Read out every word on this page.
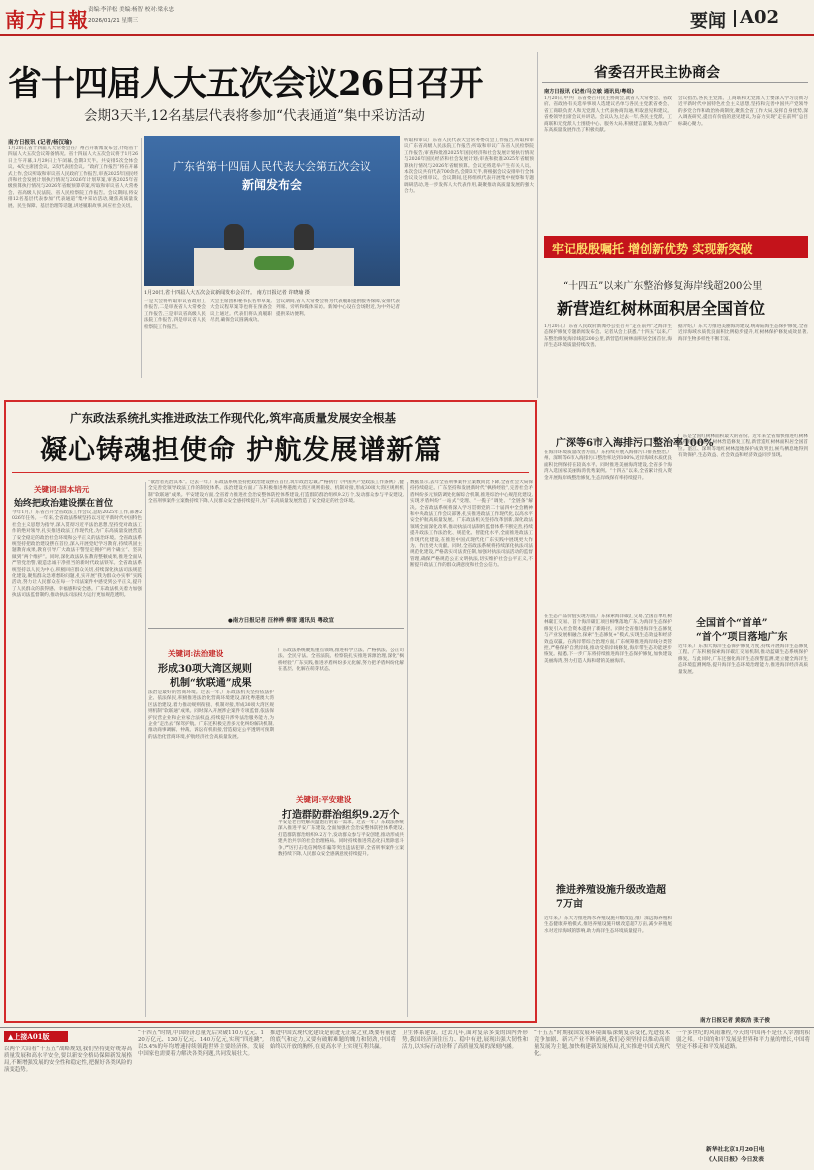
南方日報 责编:李洋松 美编:杨智 校对:梁永忠
2026/01/21 星期三	要闻 A02
省十四届人大五次会议26日召开
会期3天半,12名基层代表将参加“代表通道”集中采访活动
南方日报讯 (记者/杨汉瑜)
1月20日,省十四届人大常委会在广州召开新闻发布会,介绍省十四届人大五次会议筹备情况。省十四届人大五次会议将于1月26日上午开幕,1月29日上午闭幕,会期3天半。共安排5次全体会议、4次主席团会议、2次代表团会议。“政府工作报告”将在开幕式上作,会议听取和审议省人民政府工作报告,审查2025年国民经济和社会发展计划执行情况与2026年计划草案,审查2025年省级预算执行情况与2026年省级预算草案,听取和审议省人大常委会、省高级人民法院、省人民检察院工作报告。会议期间,将安排12名基层代表参加“代表通道”集中采访活动,聚焦高质量发展、民生保障、基层治理等话题,讲述履职故事,回应社会关切。
广东省第十四届人民代表大会第五次会议
新闻发布会
1月20日,省十四届人大五次会议新闻发布会召开。 南方日报记者 许晓瑜 摄
一是大会将听取审议省政府工作报告,二是审查省人大常委会工作报告,三是审议省高级人民法院工作报告,四是审议省人民检察院工作报告。
大会主席团和秘书长名单草案,大会议程草案等也将在预备会议上通过。代表们将认真履职尽责,确保会议圆满成功。
会议期间,省人大常委会将为代表履职提供服务保障,安排代表列席、旁听和媒体采访。新闻中心设在会场附近,为中外记者提供采访便利。
听取和审议广东省人民代表大会常务委员会工作报告,听取和审议广东省高级人民法院工作报告;听取和审议广东省人民检察院工作报告;审查和批准2025年国民经济和社会发展计划执行情况与2026年国民经济和社会发展计划;审查和批准2025年省级预算执行情况与2026年省级预算。会议还将选举产生有关人员。本次会议共有代表700余名,会期3天半,将根据会议安排举行全体会议及分组审议。会议期间,还将组织代表开展集中视察和专题调研活动,进一步发挥人大代表作用,凝聚推动高质量发展的强大合力。
省委召开民主协商会
南方日报讯 (记者/马立敏 通讯员/粤组)
1月20日,中共广东省委召开民主协商会,就省人大常委会、省政府、省政协有关选举事项人选建议名单与各民主党派省委会、省工商联负责人和无党派人士代表协商沟通,听取意见和建议。省委领导出席会议并讲话。会议认为,过去一年,各民主党派、工商联和无党派人士围绕中心、服务大局,积极建言献策,为推动广东高质量发展作出了积极贡献。
会议指出,各民主党派、工商联和无党派人士要深入学习贯彻习近平新时代中国特色社会主义思想,坚持和完善中国共产党领导的多党合作和政治协商制度,聚焦全省工作大局,发挥自身优势,深入调查研究,提出有价值的意见建议,为奋力实现“走在前列”总目标凝心聚力。
牢记殷殷嘱托 增创新优势 实现新突破
“十四五”以来广东整治修复海岸线超200公里
新营造红树林面积居全国首位
1月20日,广东省人民政府新闻办公室召开“走在前列”之海洋生态保护修复专题新闻发布会。记者从会上获悉,“十四五”以来,广东整治修复海岸线超200公里,新营造红树林面积居全国首位,海洋生态环境质量持续改善。
据介绍,广东大力推进美丽海湾建设,统筹陆海生态保护修复,全省近岸海域水质优良面积比例稳步提升,红树林保护修复成效显著,海洋生物多样性不断丰富。
广深等6市入海排污口整治率100%
在海洋环境质量改善方面,广东持续开展入海排污口排查整治,广州、深圳等6市入海排污口整治率达到100%,近岸海域水质优良面积比例保持在较高水平。同时推进美丽海湾建设,全省多个海湾入选国家美丽海湾优秀案例。“十四五”以来,全省累计投入资金开展海岸线整治修复,生态岸线保有率持续提升。
广东是全国红树林面积最大的省份。近年来全省加快推进红树林保护修复,实施红树林营造修复工程,新营造红树林面积居全国首位。湛江、深圳等地红树林湿地保护成效突出,候鸟栖息地得到有效保护,生态效益、社会效益和经济效益同步显现。
全国首个“首单”
“首个”项目落地广东
在生态产品价值实现方面,广东探索海洋碳汇交易,全国首单红树林碳汇交易、首个海洋碳汇项目相继落地广东,为海洋生态保护修复引入社会资本提供了新路径。同时全省推进海洋生态修复与产业发展相融合,探索“生态修复+”模式,实现生态效益和经济效益双赢。在海岸带综合治理方面,广东统筹推进海岸线分类管控,严格保护自然岸线,推动受损岸线修复,海岸带生态功能逐步恢复。据悉,下一步广东将持续推进海洋生态保护修复,加快建设美丽海湾,努力打造人海和谐的美丽海洋。
近年来,广东加大海洋生态保护修复力度,持续开展海洋生态修复工程。广东积极探索海洋碳汇交易机制,推动蓝碳生态系统保护修复。与此同时,广东还强化海洋生态预警监测,建立健全海洋生态环境监测网络,提升海洋生态环境治理能力,推进海洋经济高质量发展。
推进养殖设施升级改造超7万亩
近年来,广东大力推进海水养殖设施升级改造,推广深远海养殖和生态健康养殖模式,推进养殖设施升级改造超7万亩,减少养殖尾水对近岸海域的影响,助力海洋生态环境质量提升。
南方日报记者 黄叙浩 张子俊
广东政法系统扎实推进政法工作现代化,筑牢高质量发展安全根基
凝心铸魂担使命 护航发展谱新篇
关键词:固本培元
始终把政治建设摆在首位
今年1月,广东省召开全省政法工作会议,总结2025年工作,部署2026年任务。一年来,全省政法系统坚持以习近平新时代中国特色社会主义思想为指导,深入贯彻习近平法治思想,坚持党对政法工作的绝对领导,扎实推进政法工作现代化,为广东高质量发展营造了安全稳定的政治社会环境和公平正义的法治环境。全省政法系统坚持把政治建设摆在首位,深入开展党纪学习教育,持续巩固主题教育成果,教育引导广大政法干警坚定拥护“两个确立”、坚决做到“两个维护”。同时,深化政法队伍教育整顿成果,推进全面从严管党治警,锻造忠诚干净担当的新时代政法铁军。全省政法系统坚持以人民为中心,积极回应群众关切,持续深化执法司法规范化建设,聚焦群众急难愁盼问题,扎实开展“我为群众办实事”实践活动,努力让人民群众在每一个司法案件中感受到公平正义,提升了人民群众的获得感、幸福感和安全感。广东政法机关着力加强执法司法监督制约,推动执法司法权力运行更加规范透明。
“欲治者先治其本”。过去一年,广东政法系统坚持把政治建设摆在首位,筑牢政治忠诚,严格执行《中国共产党政法工作条例》,健全完善党领导政法工作的制度体系。法治建设方面,广东积极推进粤港澳大湾区规则衔接、机制对接,形成30项大湾区规则机制“软联通”成果。平安建设方面,全省着力推进社会治安整体防控体系建设,打造群防群治组织9.2万个,发动群众参与平安建设,全省刑事案件立案数持续下降,人民群众安全感持续提升,为广东高质量发展营造了安全稳定的社会环境。
●南方日报记者 汪梓桦 柳雷 通讯员 粤政宣
关键词:法治建设
形成30项大湾区规则
机制“软联通”成果
法治是最好的营商环境。过去一年,广东政法机关坚持依法护企、依法保民,积极推进法治化营商环境建设,深化粤港澳大湾区法治建设,着力推动规则衔接、机制对接,形成30项大湾区规则机制“软联通”成果。同时深入开展涉企案件专项监督,依法保护民营企业和企业家合法权益,持续提升涉外法治服务能力,为企业“走出去”保驾护航。广东还积极完善多元化纠纷解决机制,推动商事调解、仲裁、诉讼有机衔接,营造稳定公平透明可预期的法治化营商环境,护航经济社会高质量发展。
广东政法系统聚焦重点领域,推进科学立法、严格执法、公正司法、全民守法。全省法院、检察院扎实推进诉源治理,深化“枫桥经验”广东实践,推进矛盾纠纷多元化解,努力把矛盾纠纷化解在基层、化解在萌芽状态。
关键词:平安建设
打造群防群治组织9.2万个
平安是老百姓解决温饱后的第一需求。过去一年,广东政法系统深入推进平安广东建设,全面加强社会治安整体防控体系建设,打造群防群治组织9.2万个,发动群众参与平安创建,推动形成共建共治共享的社会治理格局。同时持续推进常态化扫黑除恶斗争,严厉打击电信网络诈骗等突出违法犯罪,全省刑事案件立案数持续下降,人民群众安全感满意度持续提升。
数据显示,去年全省刑事案件立案数同比下降,全省社会大局保持持续稳定。广东坚持和发展新时代“枫桥经验”,完善社会矛盾纠纷多元预防调处化解综合机制,推进综治中心规范化建设,实现矛盾纠纷“一站式”受理、“一揽子”调处、“全链条”解决。全省政法系统将深入学习贯彻党的二十届四中全会精神和中央政法工作会议部署,扎实推进政法工作现代化,以高水平安全护航高质量发展。广东政法机关坚持改革创新,深化政法领域全面深化改革,推动执法司法制约监督体系不断完善,持续提升政法工作法治化、规范化、智能化水平,全面推进政法工作现代化建设,在推进中国式现代化广东实践中展现更大作为、作出更大贡献。同时,全省政法系统将持续深化执法司法规范化建设,严格落实司法责任制,加强对执法司法活动的监督管理,确保严格规范公正文明执法,切实维护社会公平正义,不断提升政法工作的群众满意度和社会公信力。
▲上接A01版
以两个大局看“十五五”战略规划,我们坚持更好统筹高质量发展和高水平安全,要以新安全格局保障新发展格局,不断增强发展的安全性和稳定性,把握好各类风险的演变趋势。
“十四五”时期,中国经济总量先后突破110万亿元、120万亿元、130万亿元、140万亿元,实现“四连跳”,以5.4%的年均增速持续领跑世界主要经济体。发展中国家也需要着力解决各类问题,共同发展壮大。
推进中国式现代化建设是前进无止境之业,既要有前进的底气和定力,又要有破解难题的魄力和韧劲,中国将始终以开放的胸怀,在更高水平上实现互利共赢。
卫生体系建设。过去几年,面对复杂多变的国内外形势,我国经济顶住压力、稳中有进,展现出强大韧性和活力,以实际行动诠释了高质量发展的深刻内涵。
“十五五”时期我国发展环境面临深刻复杂变化,先进技术竞争加剧、新兴产业不断涌现,我们必须坚持以推动高质量发展为主题,加快构建新发展格局,扎实推进中国式现代化。
一个多世纪的风雨兼程,今天的中国再不是任人宰割的积弱之邦。中国的和平发展是世界和平力量的增长,中国将坚定不移走和平发展道路。
新华社北京1月20日电
《人民日报》今日发表
